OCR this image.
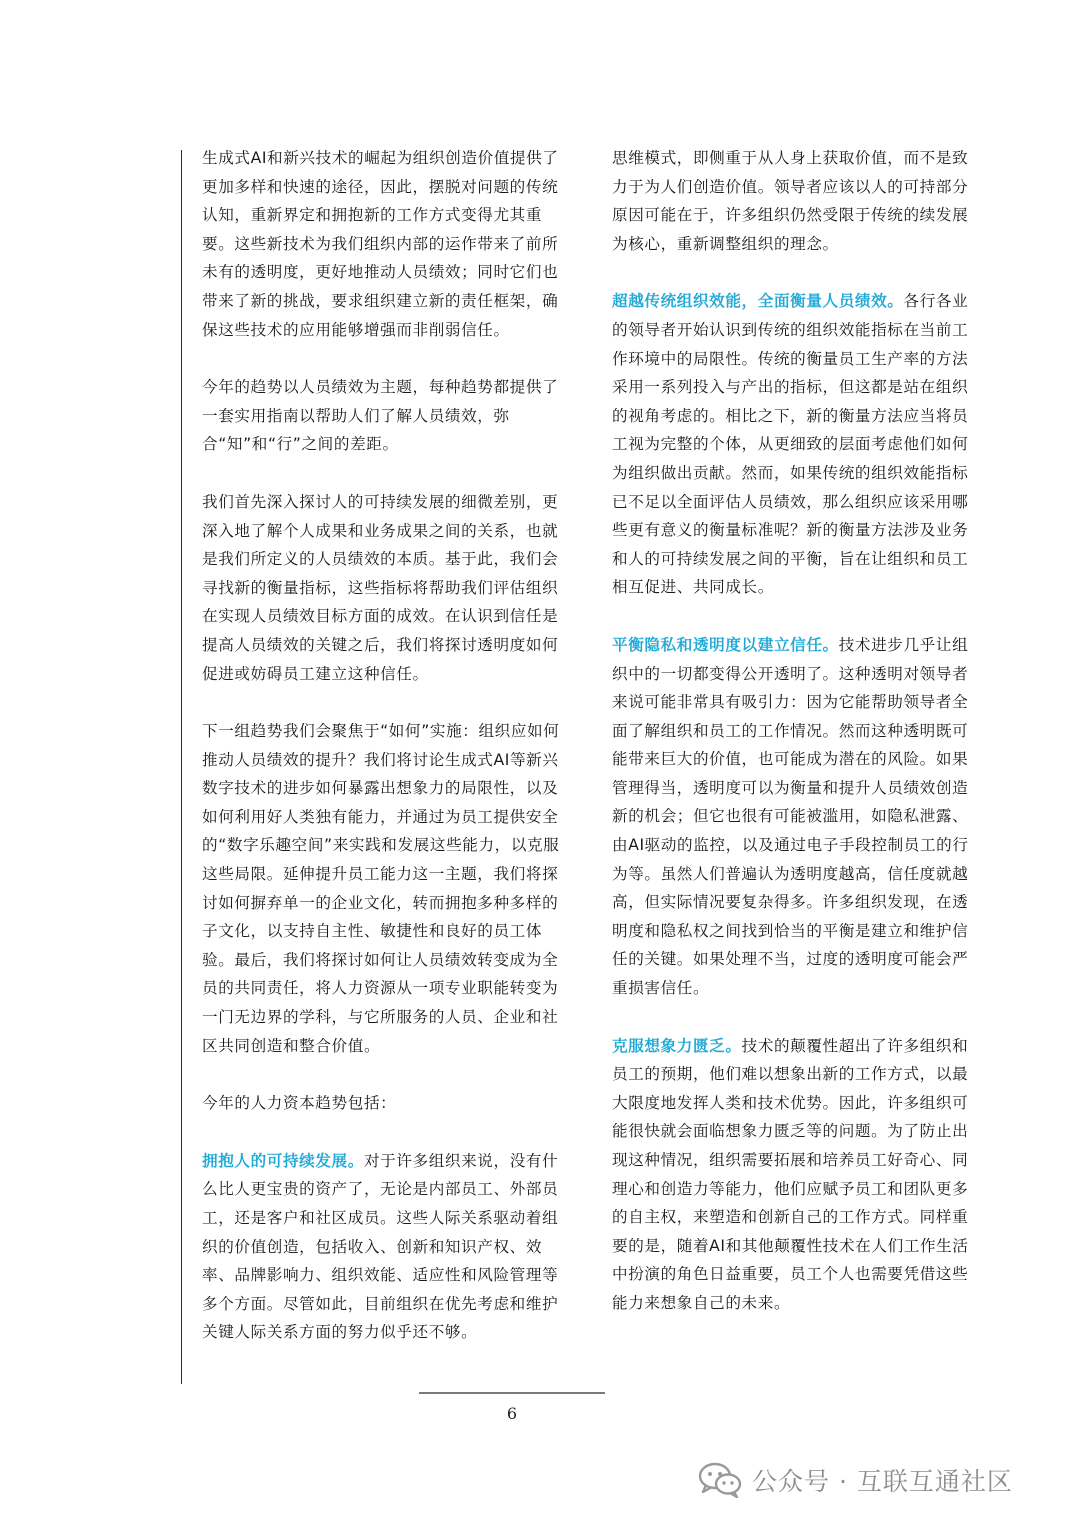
生成式AI和新兴技术的崛起为组织创造价值提供了更加多样和快速的途径，因此，摆脱对问题的传统认知，重新界定和拥抱新的工作方式变得尤其重要。这些新技术为我们组织内部的运作带来了前所未有的透明度，更好地推动人员绩效；同时它们也带来了新的挑战，要求组织建立新的责任框架，确保这些技术的应用能够增强而非削弱信任。

今年的趋势以人员绩效为主题，每种趋势都提供了一套实用指南以帮助人们了解人员绩效，弥合“知”和“行”之间的差距。

我们首先深入探讨人的可持续发展的细微差别，更深入地了解个人成果和业务成果之间的关系，也就是我们所定义的人员绩效的本质。基于此，我们会寻找新的衡量指标，这些指标将帮助我们评估组织在实现人员绩效目标方面的成效。在认识到信任是提高人员绩效的关键之后，我们将探讨透明度如何促进或妨碍员工建立这种信任。

下一组趋势我们会聚焦于“如何”实施：组织应如何推动人员绩效的提升？我们将讨论生成式AI等新兴数字技术的进步如何暴露出想象力的局限性，以及如何利用好人类独有能力，并通过为员工提供安全的“数字乐趣空间”来实践和发展这些能力，以克服这些局限。延伸提升员工能力这一主题，我们将探讨如何摒弃单一的企业文化，转而拥抱多种多样的子文化，以支持自主性、敏捷性和良好的员工体验。最后，我们将探讨如何让人员绩效转变成为全员的共同责任，将人力资源从一项专业职能转变为一门无边界的学科，与它所服务的人员、企业和社区共同创造和整合价值。

今年的人力资本趋势包括：

拥抱人的可持续发展。对于许多组织来说，没有什么比人更宝贵的资产了，无论是内部员工、外部员工，还是客户和社区成员。这些人际关系驱动着组织的价值创造，包括收入、创新和知识产权、效率、品牌影响力、组织效能、适应性和风险管理等多个方面。尽管如此，目前组织在优先考虑和维护关键人际关系方面的努力似乎还不够。

思维模式，即侧重于从人身上获取价值，而不是致力于为人们创造价值。领导者应该以人的可持部分原因可能在于，许多组织仍然受限于传统的续发展为核心，重新调整组织的理念。

超越传统组织效能，全面衡量人员绩效。各行各业的领导者开始认识到传统的组织效能指标在当前工作环境中的局限性。传统的衡量员工生产率的方法采用一系列投入与产出的指标，但这都是站在组织的视角考虑的。相比之下，新的衡量方法应当将员工视为完整的个体，从更细致的层面考虑他们如何为组织做出贡献。然而，如果传统的组织效能指标已不足以全面评估人员绩效，那么组织应该采用哪些更有意义的衡量标准呢？新的衡量方法涉及业务和人的可持续发展之间的平衡，旨在让组织和员工相互促进、共同成长。

平衡隐私和透明度以建立信任。技术进步几乎让组织中的一切都变得公开透明了。这种透明对领导者来说可能非常具有吸引力：因为它能帮助领导者全面了解组织和员工的工作情况。然而这种透明既可能带来巨大的价值，也可能成为潜在的风险。如果管理得当，透明度可以为衡量和提升人员绩效创造新的机会；但它也很有可能被滥用，如隐私泄露、由AI驱动的监控，以及通过电子手段控制员工的行为等。虽然人们普遍认为透明度越高，信任度就越高，但实际情况要复杂得多。许多组织发现，在透明度和隐私权之间找到恰当的平衡是建立和维护信任的关键。如果处理不当，过度的透明度可能会严重损害信任。

克服想象力匮乏。技术的颠覆性超出了许多组织和员工的预期，他们难以想象出新的工作方式，以最大限度地发挥人类和技术优势。因此，许多组织可能很快就会面临想象力匮乏等的问题。为了防止出现这种情况，组织需要拓展和培养员工好奇心、同理心和创造力等能力，他们应赋予员工和团队更多的自主权，来塑造和创新自己的工作方式。同样重要的是，随着AI和其他颠覆性技术在人们工作生活中扮演的角色日益重要，员工个人也需要凭借这些能力来想象自己的未来。

6
公众号 · 互联互通社区
